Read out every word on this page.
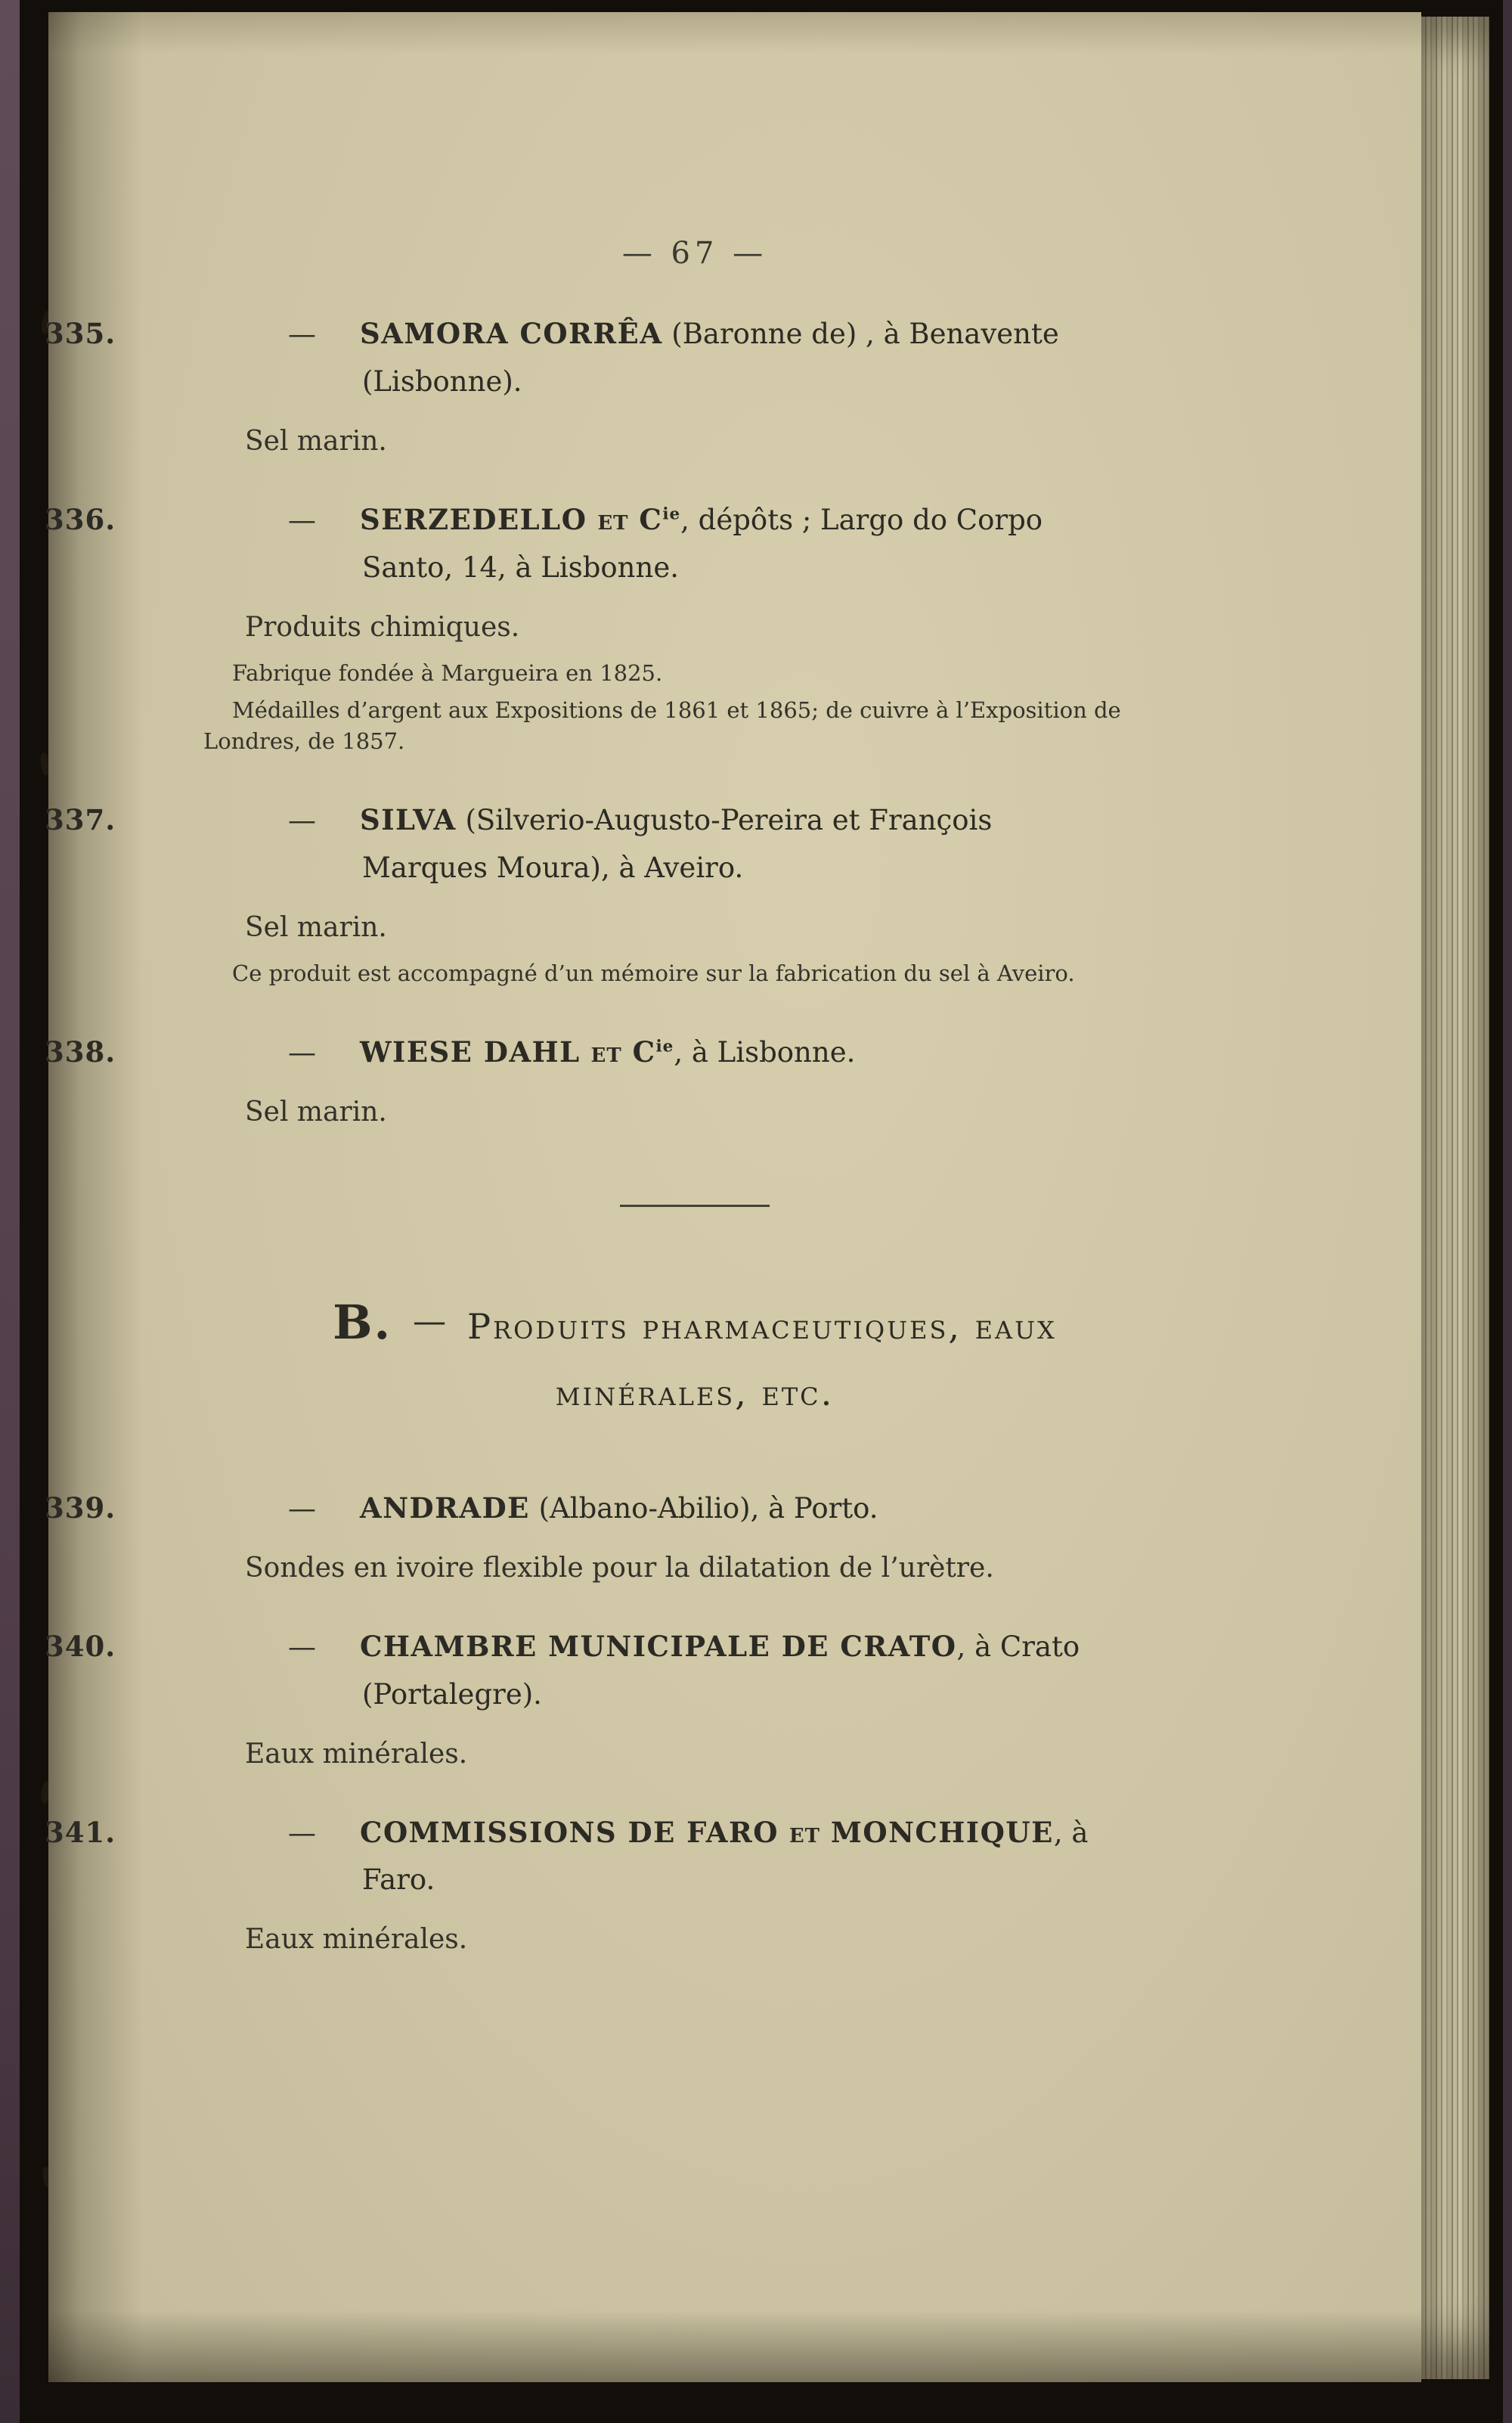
— 67 —

335.	— SAMORA CORRÊA (Baronne de) , à Benavente
(Lisbonne).

Sel marin.

336.	— SERZEDELLO et $C^{ie}$, dépôts ; Largo do Corpo
Santo, 14, à Lisbonne.

Produits chimiques.

Fabrique fondée à Margueira en 1825.

Médailles d’argent aux Expositions de 1861 et 1865; de cuivre à l’Exposition de Londres, de 1857.

337.	— SILVA (Silverio-Augusto-Pereira et François
Marques Moura), à Aveiro.

Sel marin.

Ce produit est accompagné d’un mémoire sur la fabrication du sel à Aveiro.

338.	— WIESE DAHL et $C^{ie}$, à Lisbonne.

Sel marin.

B. — Produits pharmaceutiques, eaux
minérales, etc.

339.	— ANDRADE (Albano-Abilio), à Porto.

Sondes en ivoire flexible pour la dilatation de l’urètre.

340.	— CHAMBRE MUNICIPALE DE CRATO, à Crato
(Portalegre).

Eaux minérales.

341.	— COMMISSIONS DE FARO et MONCHIQUE, à
Faro.

Eaux minérales.
